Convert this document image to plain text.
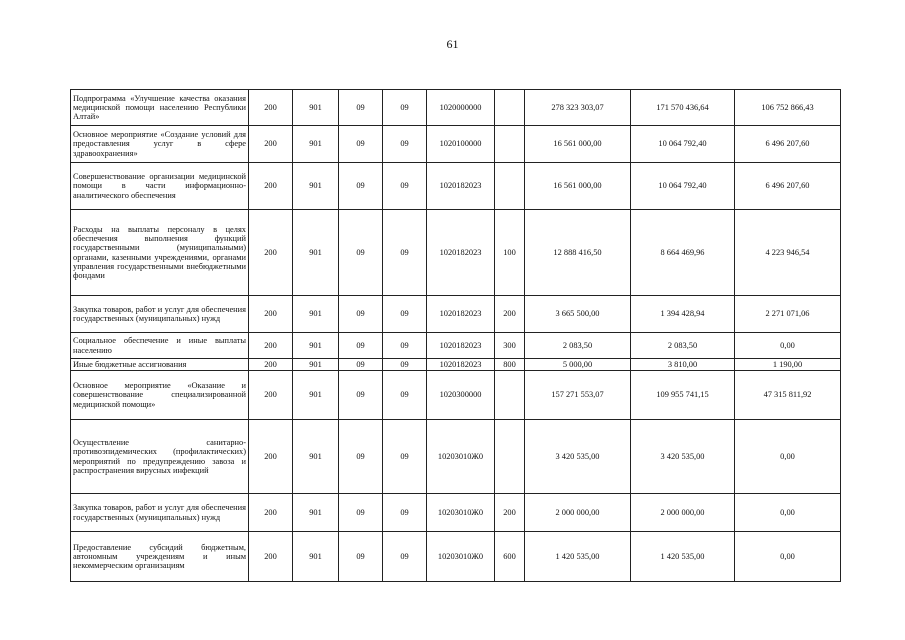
61
Подпрограмма «Улучшение качества оказания медицинской помощи населению Республики Алтай»	200	901	09	09	1020000000		278 323 303,07	171 570 436,64	106 752 866,43
Основное мероприятие «Создание условий для предоставления услуг в сфере здравоохранения»	200	901	09	09	1020100000		16 561 000,00	10 064 792,40	6 496 207,60
Совершенствование организации медицинской помощи в части информационно-аналитического обеспечения	200	901	09	09	1020182023		16 561 000,00	10 064 792,40	6 496 207,60
Расходы на выплаты персоналу в целях обеспечения выполнения функций государственными (муниципальными) органами, казенными учреждениями, органами управления государственными внебюджетными фондами	200	901	09	09	1020182023	100	12 888 416,50	8 664 469,96	4 223 946,54
Закупка товаров, работ и услуг для обеспечения государственных (муниципальных) нужд	200	901	09	09	1020182023	200	3 665 500,00	1 394 428,94	2 271 071,06
Социальное обеспечение и иные выплаты населению	200	901	09	09	1020182023	300	2 083,50	2 083,50	0,00
Иные бюджетные ассигнования	200	901	09	09	1020182023	800	5 000,00	3 810,00	1 190,00
Основное мероприятие «Оказание и совершенствование специализированной медицинской помощи»	200	901	09	09	1020300000		157 271 553,07	109 955 741,15	47 315 811,92
Осуществление санитарно-противоэпидемических (профилактических) мероприятий по предупреждению завоза и распространения вирусных инфекций	200	901	09	09	10203010Ж0		3 420 535,00	3 420 535,00	0,00
Закупка товаров, работ и услуг для обеспечения государственных (муниципальных) нужд	200	901	09	09	10203010Ж0	200	2 000 000,00	2 000 000,00	0,00
Предоставление субсидий бюджетным, автономным учреждениям и иным некоммерческим организациям	200	901	09	09	10203010Ж0	600	1 420 535,00	1 420 535,00	0,00
